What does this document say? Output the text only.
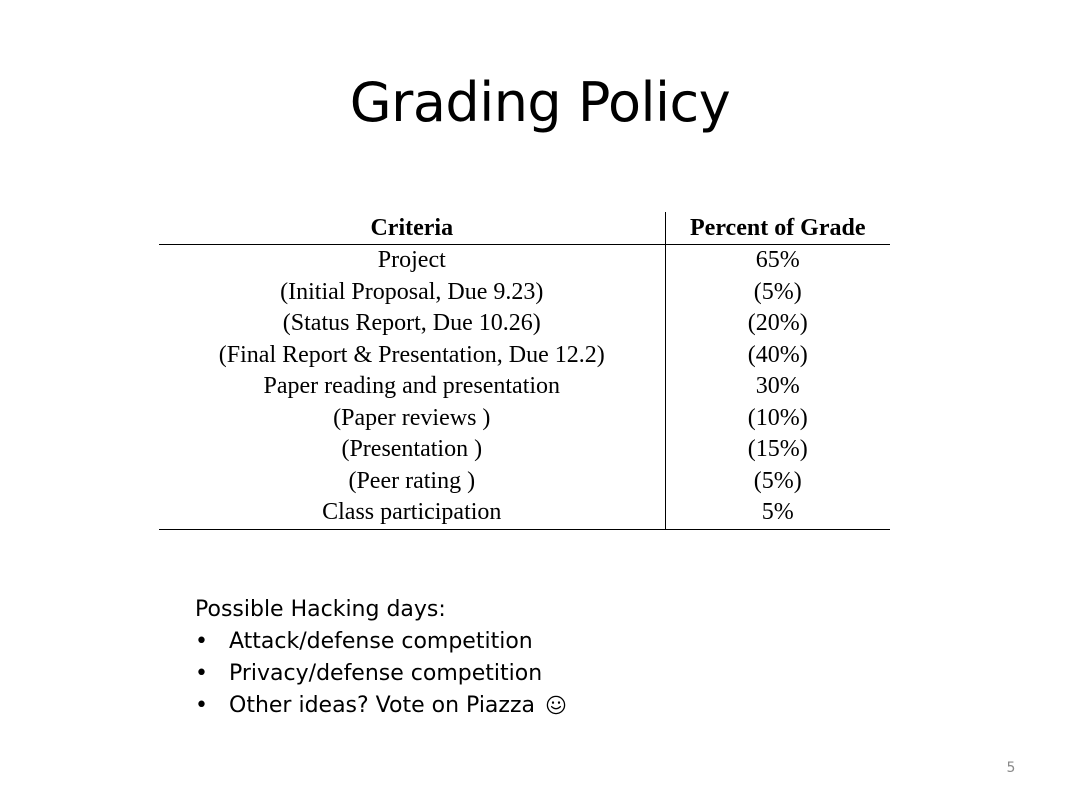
Grading Policy
Criteria	Percent of Grade
Project	65%
(Initial Proposal, Due 9.23)	(5%)
(Status Report, Due 10.26)	(20%)
(Final Report & Presentation, Due 12.2)	(40%)
Paper reading and presentation	30%
(Paper reviews )	(10%)
(Presentation )	(15%)
(Peer rating )	(5%)
Class participation	5%

Possible Hacking days:

• Attack/defense competition
• Privacy/defense competition
• Other ideas? Vote on Piazza
5
